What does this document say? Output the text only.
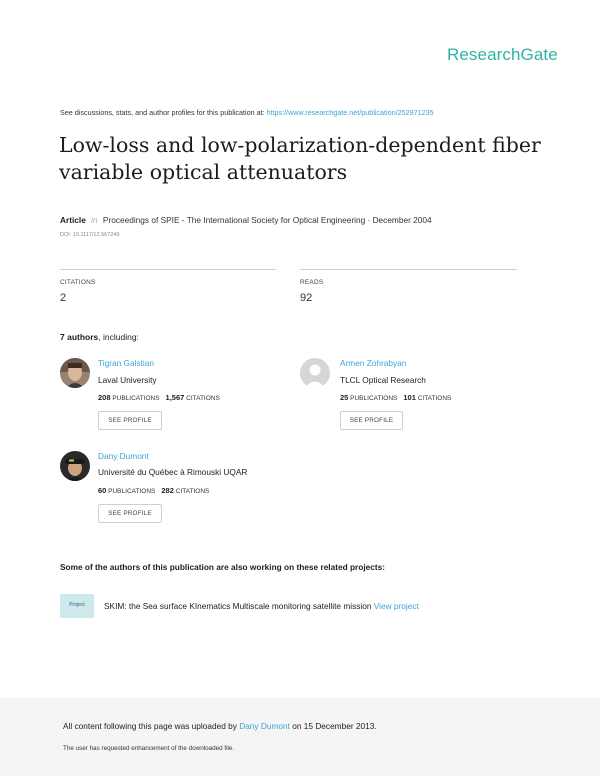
ResearchGate
See discussions, stats, and author profiles for this publication at: https://www.researchgate.net/publication/252971235
Low-loss and low-polarization-dependent fiber
variable optical attenuators
Article in Proceedings of SPIE - The International Society for Optical Engineering · December 2004
DOI: 10.1117/12.567249
CITATIONS
2
READS
92
7 authors, including:
Tigran Galstian
Laval University
208 PUBLICATIONS 1,567 CITATIONS
SEE PROFILE
Armen Zohrabyan
TLCL Optical Research
25 PUBLICATIONS 101 CITATIONS
SEE PROFILE
Dany Dumont
Université du Québec à Rimouski UQAR
60 PUBLICATIONS 282 CITATIONS
SEE PROFILE
Some of the authors of this publication are also working on these related projects:
Project	SKIM: the Sea surface KInematics Multiscale monitoring satellite mission View project
All content following this page was uploaded by Dany Dumont on 15 December 2013.
The user has requested enhancement of the downloaded file.
